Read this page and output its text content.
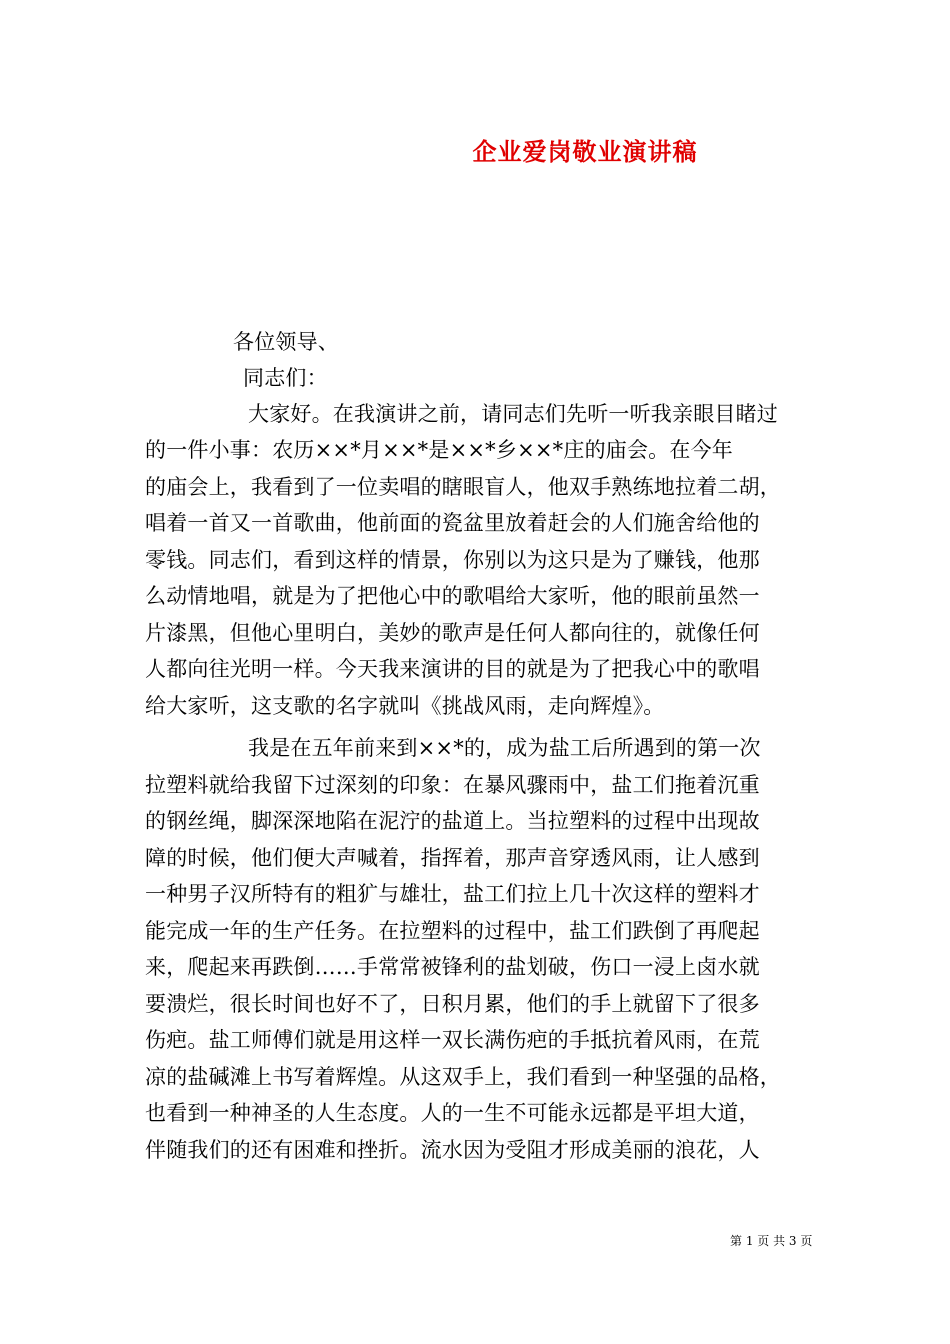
企业爱岗敬业演讲稿
各位领导、
同志们：
大家好。在我演讲之前，请同志们先听一听我亲眼目睹过
的一件小事：农历××*月××*是××*乡××*庄的庙会。在今年
的庙会上，我看到了一位卖唱的瞎眼盲人，他双手熟练地拉着二胡，
唱着一首又一首歌曲，他前面的瓷盆里放着赶会的人们施舍给他的
零钱。同志们，看到这样的情景，你别以为这只是为了赚钱，他那
么动情地唱，就是为了把他心中的歌唱给大家听，他的眼前虽然一
片漆黑，但他心里明白，美妙的歌声是任何人都向往的，就像任何
人都向往光明一样。今天我来演讲的目的就是为了把我心中的歌唱
给大家听，这支歌的名字就叫《挑战风雨，走向辉煌》。
我是在五年前来到××*的，成为盐工后所遇到的第一次
拉塑料就给我留下过深刻的印象：在暴风骤雨中，盐工们拖着沉重
的钢丝绳，脚深深地陷在泥泞的盐道上。当拉塑料的过程中出现故
障的时候，他们便大声喊着，指挥着，那声音穿透风雨，让人感到
一种男子汉所特有的粗犷与雄壮，盐工们拉上几十次这样的塑料才
能完成一年的生产任务。在拉塑料的过程中，盐工们跌倒了再爬起
来，爬起来再跌倒……手常常被锋利的盐划破，伤口一浸上卤水就
要溃烂，很长时间也好不了，日积月累，他们的手上就留下了很多
伤疤。盐工师傅们就是用这样一双长满伤疤的手抵抗着风雨，在荒
凉的盐碱滩上书写着辉煌。从这双手上，我们看到一种坚强的品格，
也看到一种神圣的人生态度。人的一生不可能永远都是平坦大道，
伴随我们的还有困难和挫折。流水因为受阻才形成美丽的浪花，人
第 1 页 共 3 页
